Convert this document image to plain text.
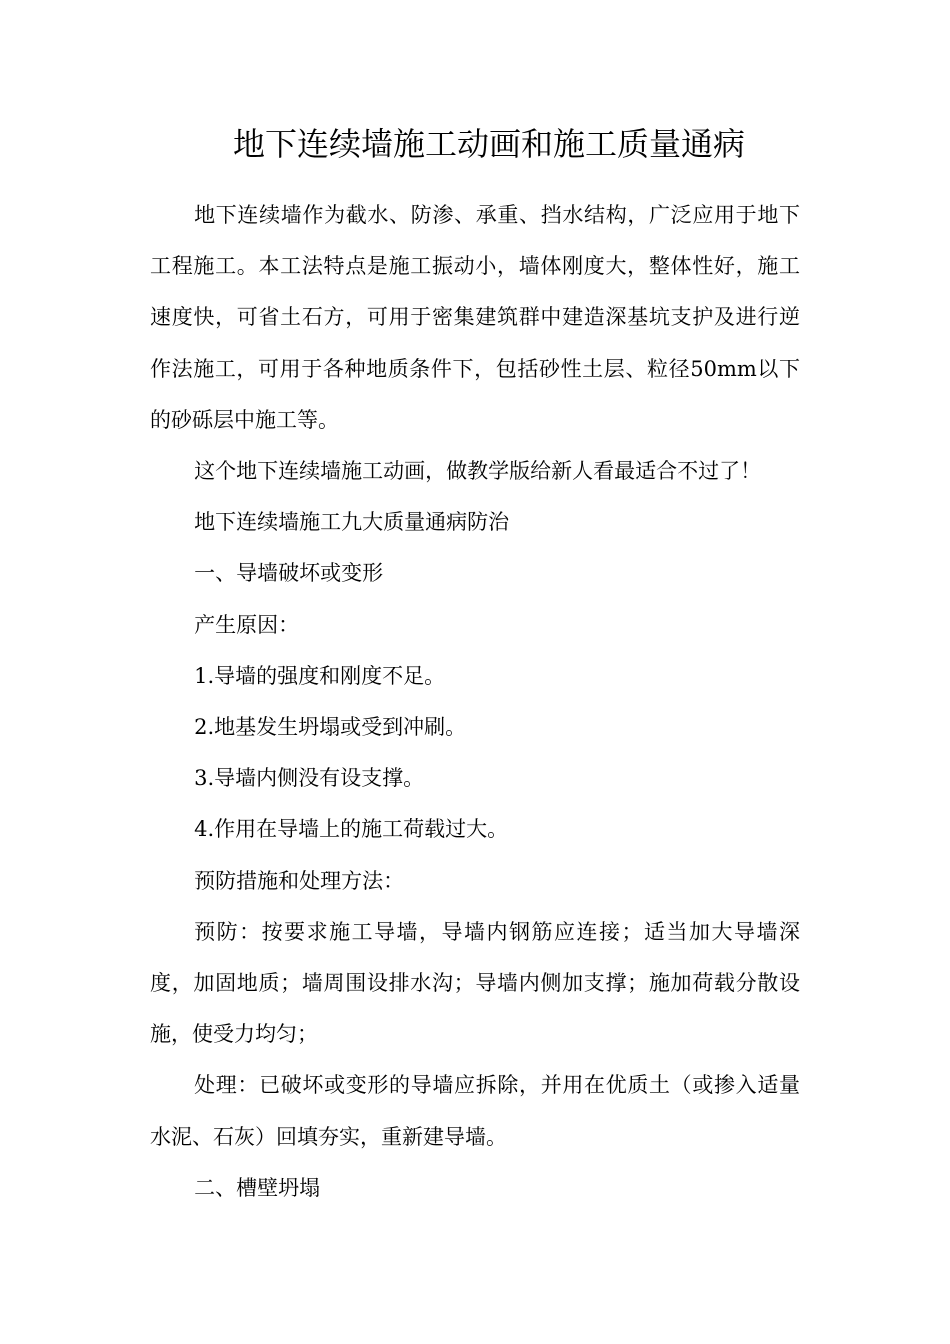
地下连续墙施工动画和施工质量通病

地下连续墙作为截水、防渗、承重、挡水结构，广泛应用于地下工程施工。本工法特点是施工振动小，墙体刚度大，整体性好，施工速度快，可省土石方，可用于密集建筑群中建造深基坑支护及进行逆作法施工，可用于各种地质条件下，包括砂性土层、粒径50mm以下的砂砾层中施工等。

这个地下连续墙施工动画，做教学版给新人看最适合不过了！

地下连续墙施工九大质量通病防治

一、导墙破坏或变形

产生原因：

1.导墙的强度和刚度不足。

2.地基发生坍塌或受到冲刷。

3.导墙内侧没有设支撑。

4.作用在导墙上的施工荷载过大。

预防措施和处理方法：

预防：按要求施工导墙，导墙内钢筋应连接；适当加大导墙深度，加固地质；墙周围设排水沟；导墙内侧加支撑；施加荷载分散设施，使受力均匀；

处理：已破坏或变形的导墙应拆除，并用在优质土（或掺入适量水泥、石灰）回填夯实，重新建导墙。

二、槽壁坍塌
